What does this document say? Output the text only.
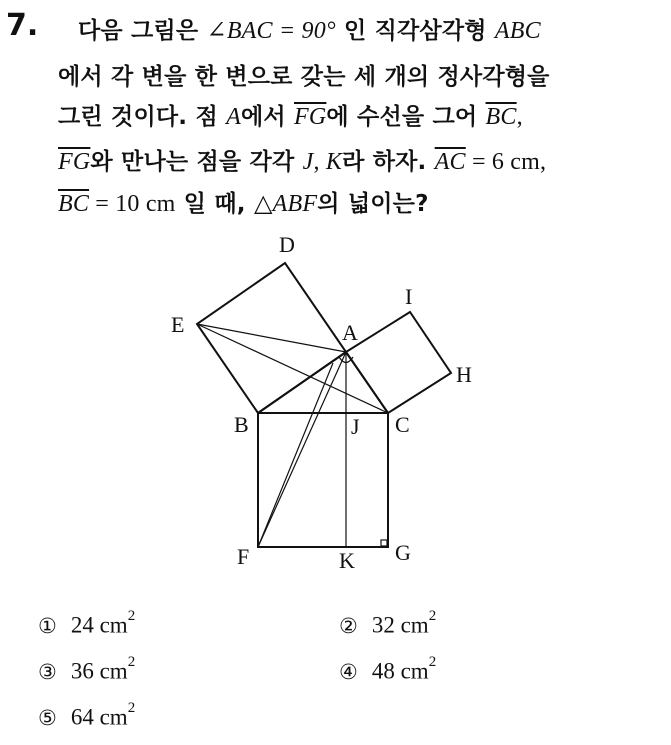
7. 다음 그림은 ∠BAC = 90° 인 직각삼각형 ABC
에서 각 변을 한 변으로 갖는 세 개의 정사각형을
그린 것이다. 점 A에서 $\overline{FG}$에 수선을 그어 $\overline{BC}$,
$\overline{FG}$와 만나는 점을 각각 J, K라 하자. $\overline{AC} = 6$ cm,
$\overline{BC} = 10$ cm 일 때, △ABF의 넓이는?
D
E	A
I
H
B	J C
F	K G
① 24 $cm^2$	② 32 $cm^2$
③ 36 $cm^2$	④ 48 $cm^2$
⑤ 64 $cm^2$
